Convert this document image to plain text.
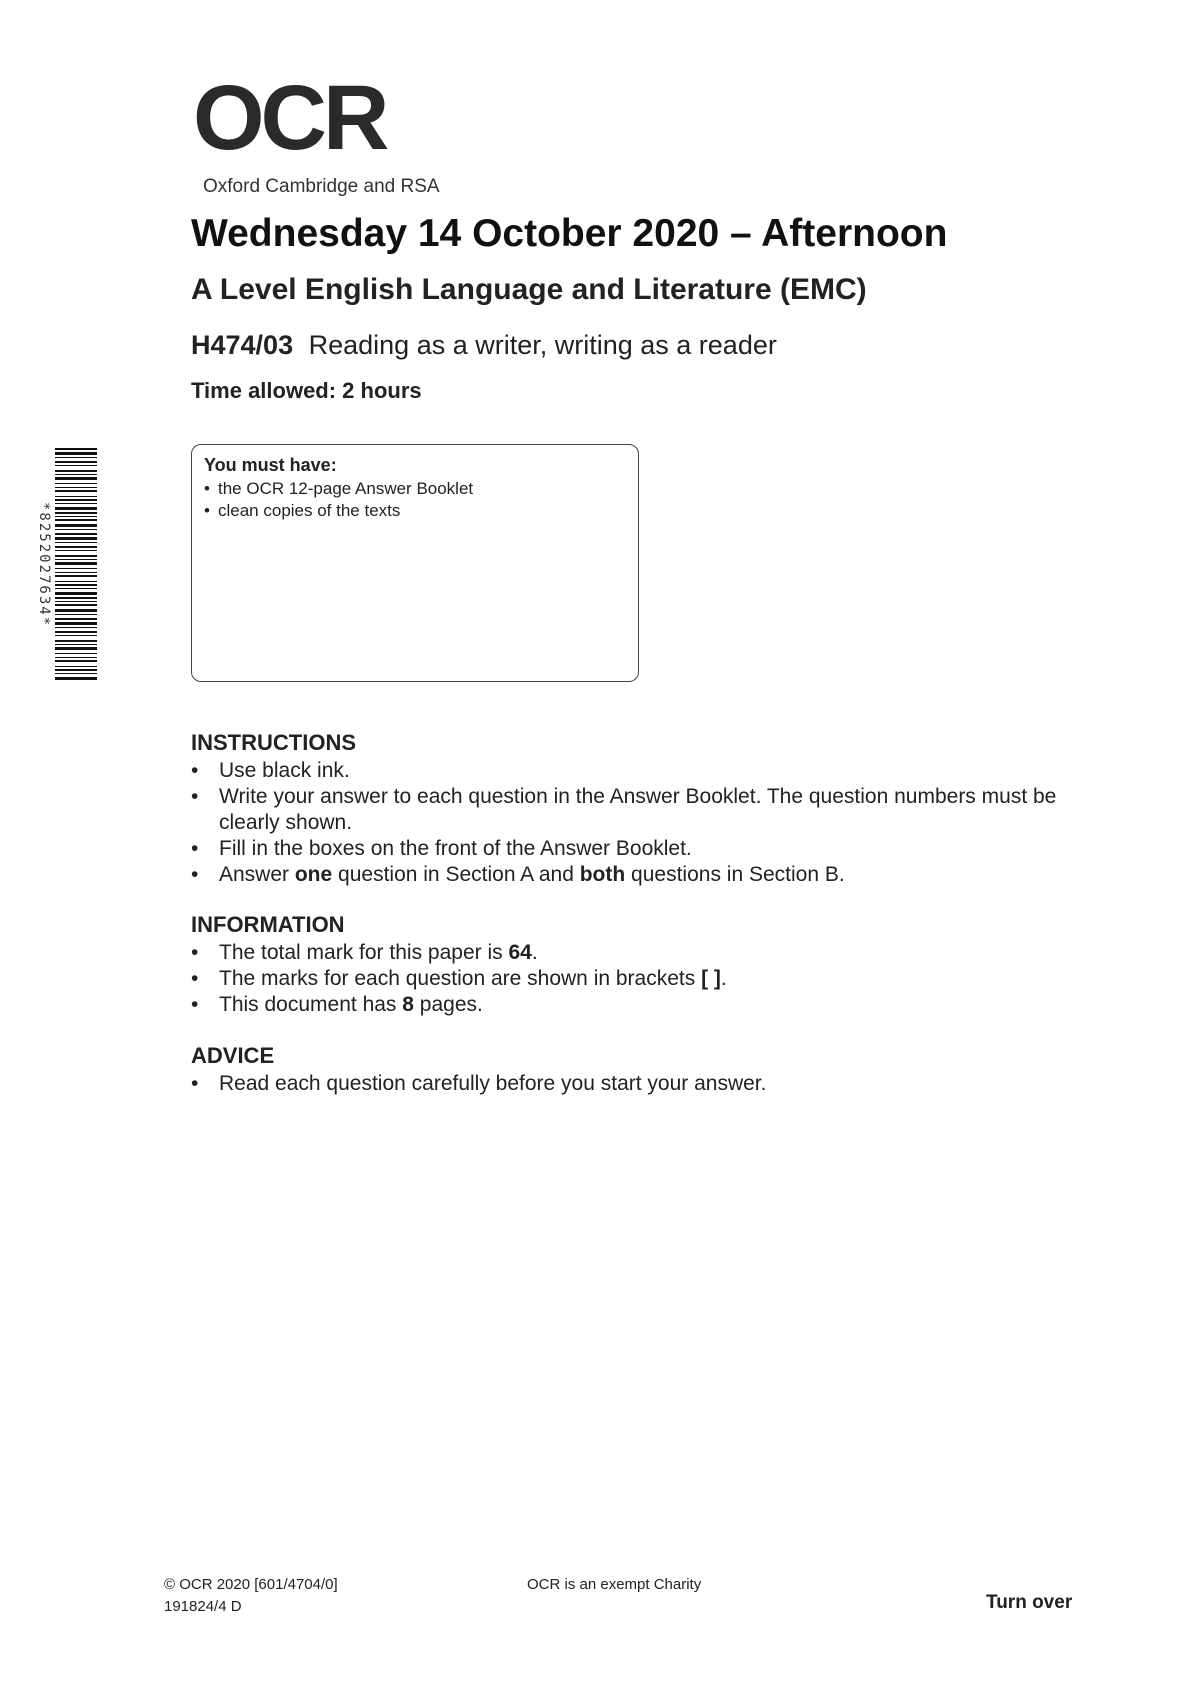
OCR
Oxford Cambridge and RSA
Wednesday 14 October 2020 – Afternoon
A Level English Language and Literature (EMC)
H474/03 Reading as a writer, writing as a reader
Time allowed: 2 hours
*8252027634*
You must have:
• the OCR 12-page Answer Booklet
• clean copies of the texts
INSTRUCTIONS
• Use black ink.
• Write your answer to each question in the Answer Booklet. The question numbers must be clearly shown.
• Fill in the boxes on the front of the Answer Booklet.
• Answer one question in Section A and both questions in Section B.
INFORMATION
• The total mark for this paper is 64.
• The marks for each question are shown in brackets [ ].
• This document has 8 pages.
ADVICE
• Read each question carefully before you start your answer.
© OCR 2020 [601/4704/0]
191824/4 D
OCR is an exempt Charity
Turn over
